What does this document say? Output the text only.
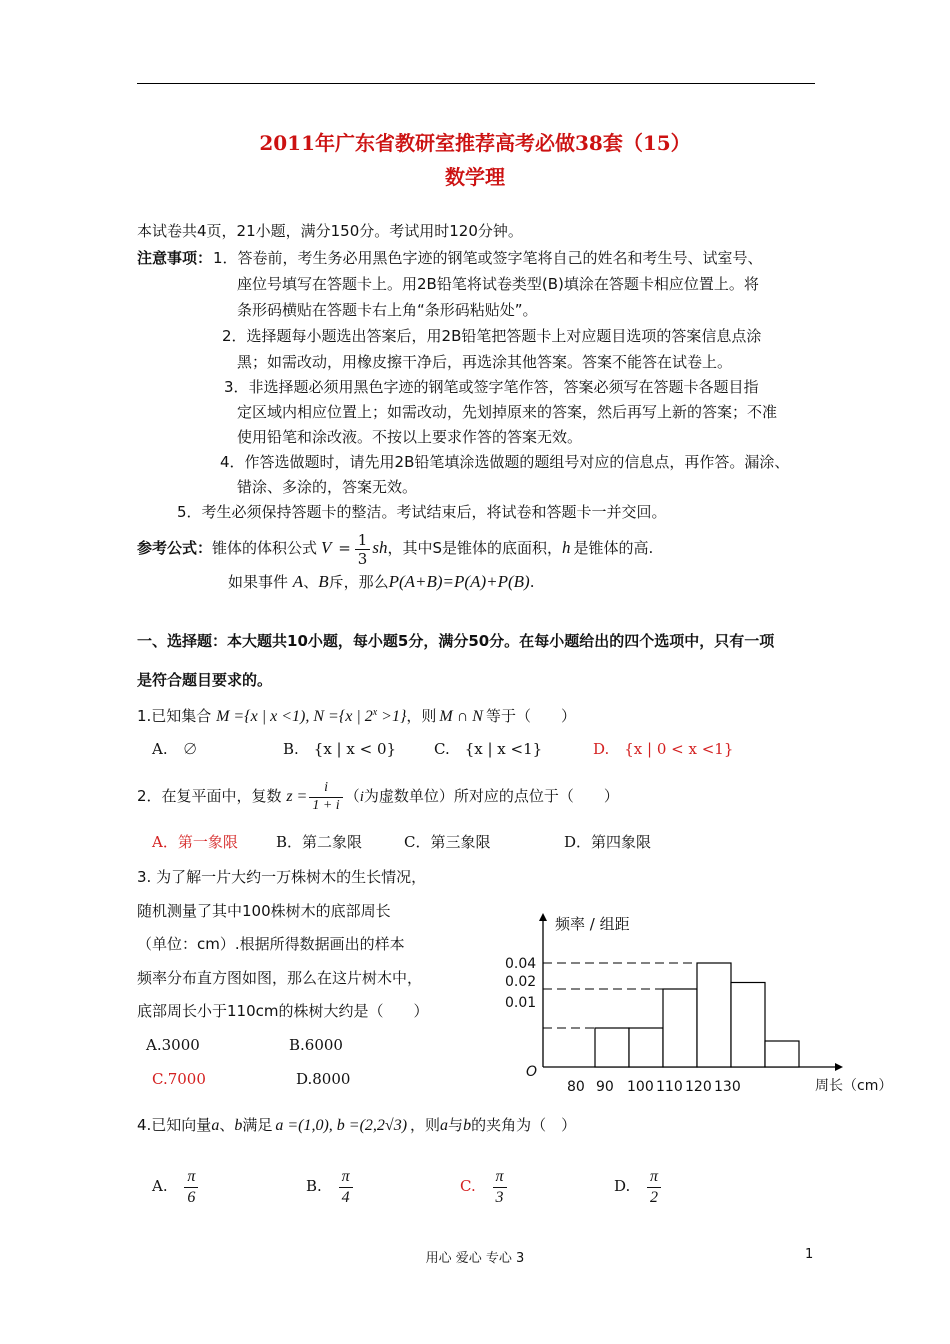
2011年广东省教研室推荐高考必做38套（15）
数学理
本试卷共4页，21小题，满分150分。考试用时120分钟。
注意事项： 1．答卷前，考生务必用黑色字迹的钢笔或签字笔将自己的姓名和考生号、试室号、
座位号填写在答题卡上。用2B铅笔将试卷类型(B)填涂在答题卡相应位置上。将
条形码横贴在答题卡右上角“条形码粘贴处”。
2．选择题每小题选出答案后，用2B铅笔把答题卡上对应题目选项的答案信息点涂
黑；如需改动，用橡皮擦干净后，再选涂其他答案。答案不能答在试卷上。
3．非选择题必须用黑色字迹的钢笔或签字笔作答，答案必须写在答题卡各题目指
定区域内相应位置上；如需改动，先划掉原来的答案，然后再写上新的答案；不准
使用铅笔和涂改液。不按以上要求作答的答案无效。
4．作答选做题时，请先用2B铅笔填涂选做题的题组号对应的信息点，再作答。漏涂、
错涂、多涂的，答案无效。
5．考生必须保持答题卡的整洁。考试结束后，将试卷和答题卡一并交回。
参考公式：锥体的体积公式 $V = \frac{1}{3}$ sh，其中S是锥体的底面积，h 是锥体的高.
如果事件 A、B斥，那么P(A+B)=P(A)+P(B).
一、选择题：本大题共10小题，每小题5分，满分50分。在每小题给出的四个选项中，只有一项
是符合题目要求的。
1.已知集合 M ={x | x <1), N ={x | $2^x >1$}，则 M ∩ N 等于（　　）
A.　∅	B.　{x | x < 0}	C.　{x | x <1}	D.　{x | 0 < x <1}
2．在复平面中，复数 $z = \frac{i}{1 + i} (i$为虚数单位）所对应的点位于（　　）
A．第一象限	B．第二象限	C．第三象限	D．第四象限
3. 为了解一片大约一万株树木的生长情况，
随机测量了其中100株树木的底部周长
（单位：cm）.根据所得数据画出的样本
频率分布直方图如图，那么在这片树木中，
底部周长小于110cm的株树大约是（　　）
A.3000	B.6000
C.7000	D.8000
频率 / 组距
周长（cm）
O
0.04
0.02
0.01
80 90 100 110 120 130
4.已知向量a、b满足 a =(1,0), b =(2,2√3) ，则a与b的夹角为（　）
A. $\frac{\pi}{6}$	B. $\frac{\pi}{4}$	C. $\frac{\pi}{3}$	D. $\frac{\pi}{2}$
用心 爱心 专心 3	1
